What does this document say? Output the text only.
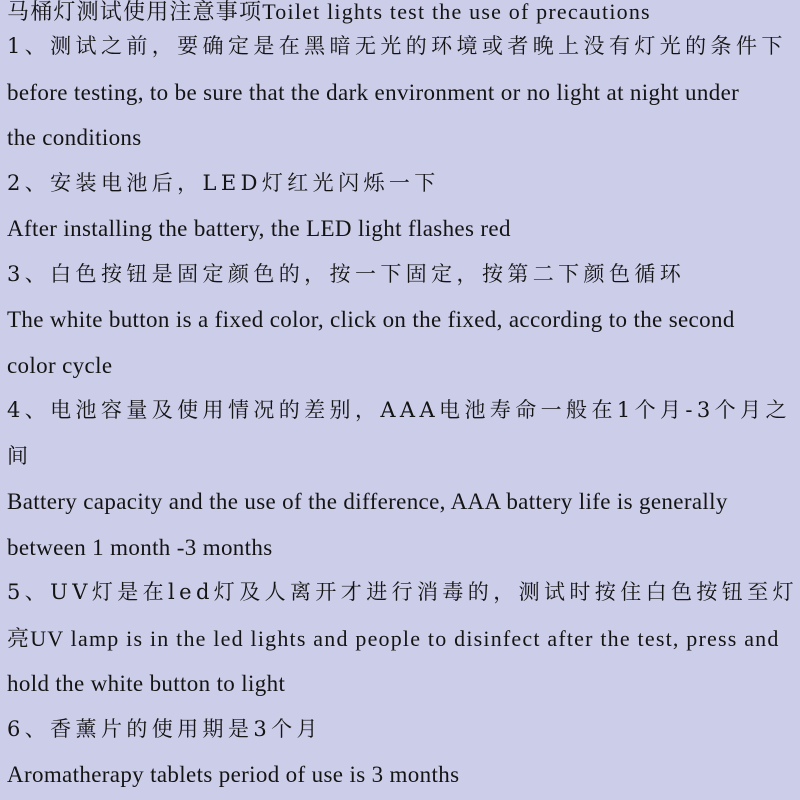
马桶灯测试使用注意事项Toilet lights test the use of precautions
1、测试之前，要确定是在黑暗无光的环境或者晚上没有灯光的条件下
before testing, to be sure that the dark environment or no light at night under
the conditions
2、安装电池后，LED灯红光闪烁一下
After installing the battery, the LED light flashes red
3、白色按钮是固定颜色的，按一下固定，按第二下颜色循环
The white button is a fixed color, click on the fixed, according to the second
color cycle
4、电池容量及使用情况的差别，AAA电池寿命一般在1个月-3个月之
间
Battery capacity and the use of the difference, AAA battery life is generally
between 1 month -3 months
5、UV灯是在led灯及人离开才进行消毒的，测试时按住白色按钮至灯
亮UV lamp is in the led lights and people to disinfect after the test, press and
hold the white button to light
6、香薰片的使用期是3个月
Aromatherapy tablets period of use is 3 months
